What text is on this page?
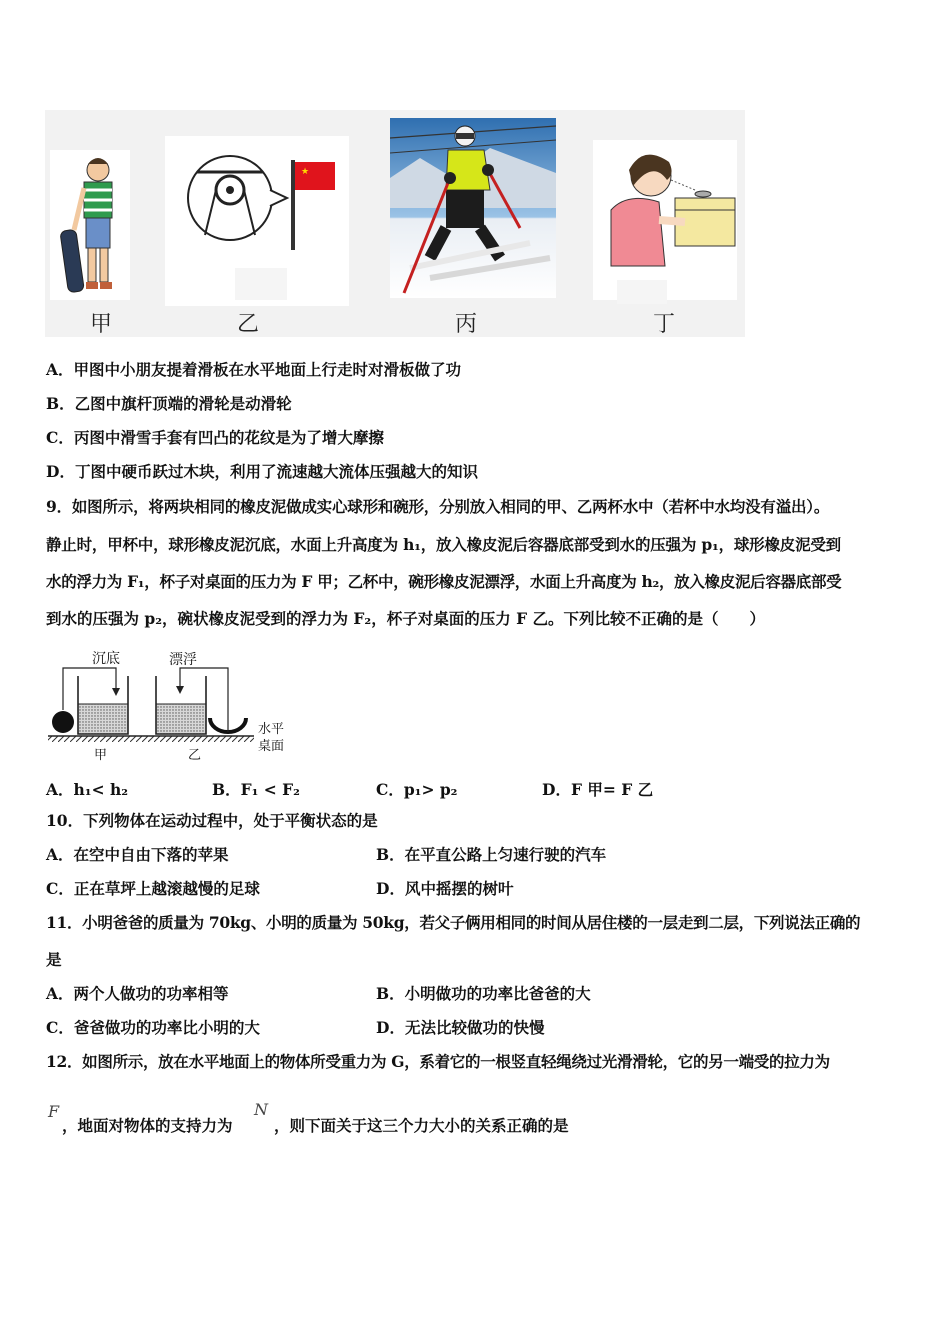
甲
★
乙	丙	丁
A．甲图中小朋友提着滑板在水平地面上行走时对滑板做了功
B．乙图中旗杆顶端的滑轮是动滑轮
C．丙图中滑雪手套有凹凸的花纹是为了增大摩擦
D．丁图中硬币跃过木块，利用了流速越大流体压强越大的知识
9．如图所示，将两块相同的橡皮泥做成实心球形和碗形，分别放入相同的甲、乙两杯水中（若杯中水均没有溢出）。
静止时，甲杯中，球形橡皮泥沉底，水面上升高度为 h₁，放入橡皮泥后容器底部受到水的压强为 p₁，球形橡皮泥受到
水的浮力为 F₁，杯子对桌面的压力为 F 甲；乙杯中，碗形橡皮泥漂浮，水面上升高度为 h₂，放入橡皮泥后容器底部受
到水的压强为 p₂，碗状橡皮泥受到的浮力为 F₂，杯子对桌面的压力 F 乙。下列比较不正确的是（　　）
沉底	漂浮
甲	乙
水平
桌面
A．h₁< h₂	B．F₁ < F₂	C．p₁> p₂	D．F 甲= F 乙
10．下列物体在运动过程中，处于平衡状态的是
A．在空中自由下落的苹果	B．在平直公路上匀速行驶的汽车
C．正在草坪上越滚越慢的足球	D．风中摇摆的树叶
11．小明爸爸的质量为 70kg、小明的质量为 50kg，若父子俩用相同的时间从居住楼的一层走到二层，下列说法正确的
是
A．两个人做功的功率相等	B．小明做功的功率比爸爸的大
C．爸爸做功的功率比小明的大	D．无法比较做功的快慢
12．如图所示，放在水平地面上的物体所受重力为 G，系着它的一根竖直轻绳绕过光滑滑轮，它的另一端受的拉力为
F
，地面对物体的支持力为
N
，则下面关于这三个力大小的关系正确的是
